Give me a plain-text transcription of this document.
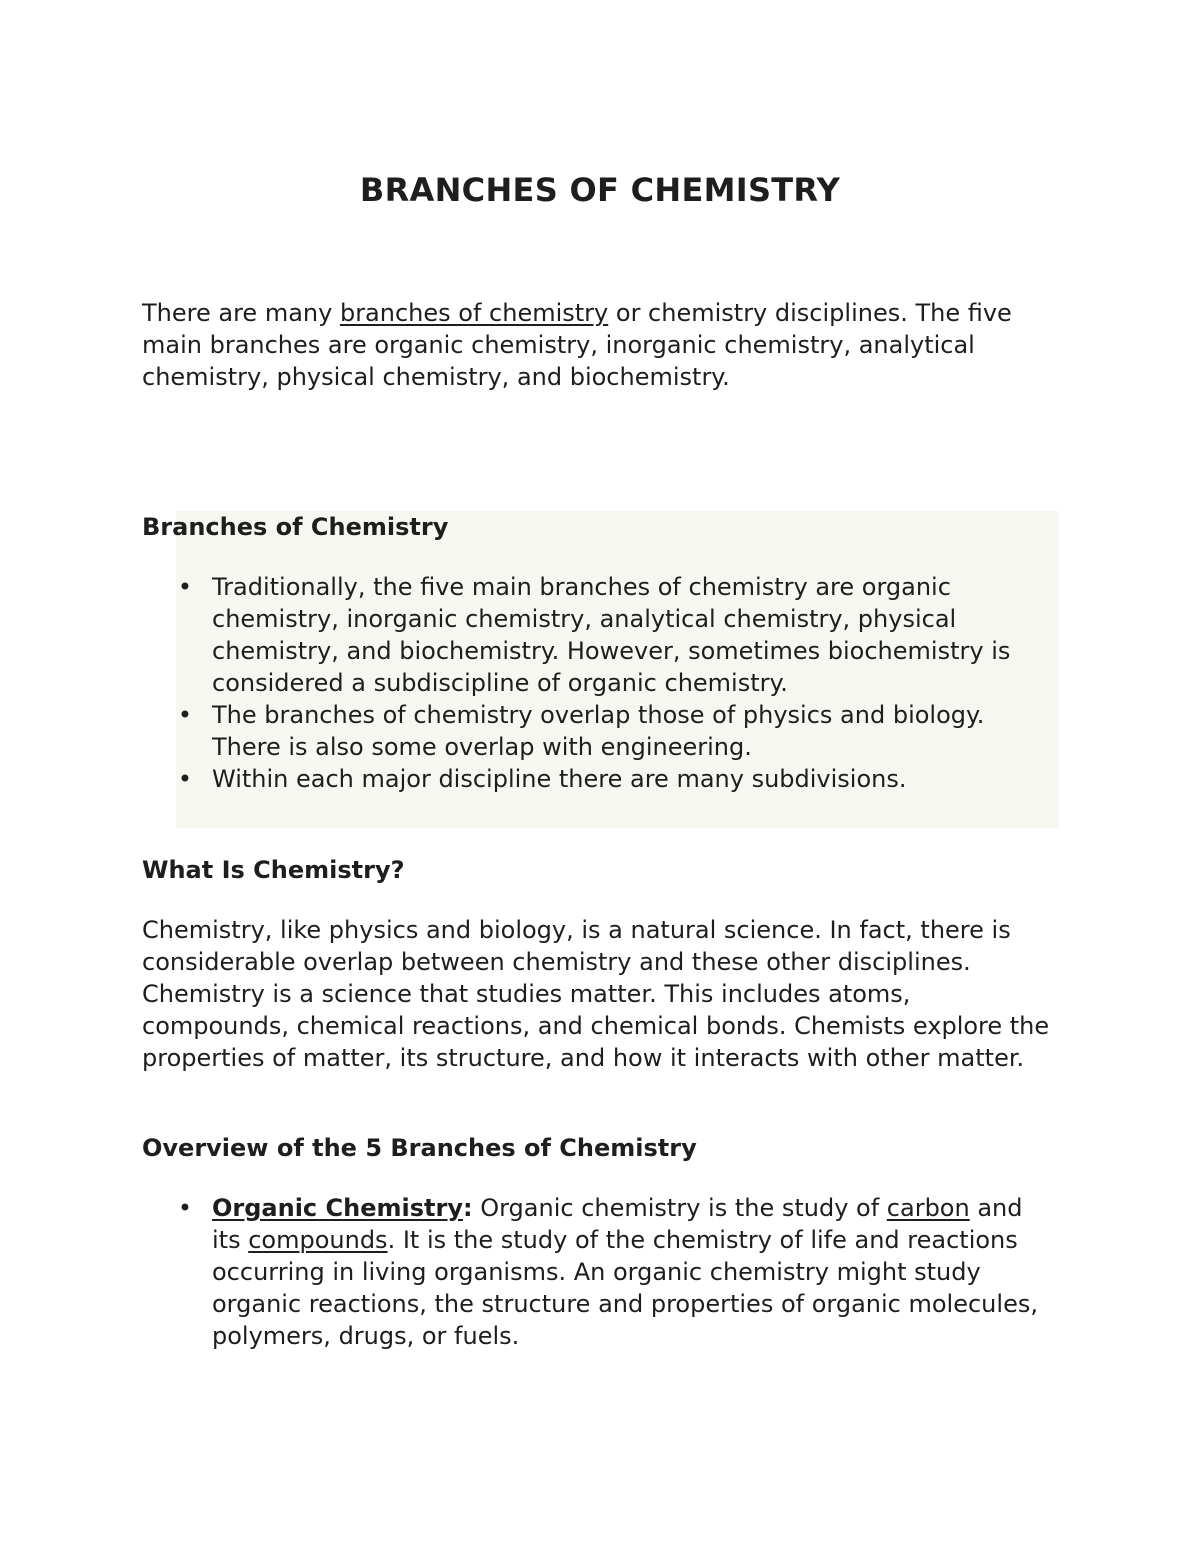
BRANCHES OF CHEMISTRY

There are many branches of chemistry or chemistry disciplines. The five main branches are organic chemistry, inorganic chemistry, analytical chemistry, physical chemistry, and biochemistry.

Branches of Chemistry
• Traditionally, the five main branches of chemistry are organic chemistry, inorganic chemistry, analytical chemistry, physical chemistry, and biochemistry. However, sometimes biochemistry is considered a subdiscipline of organic chemistry.
• The branches of chemistry overlap those of physics and biology. There is also some overlap with engineering.
• Within each major discipline there are many subdivisions.
What Is Chemistry?

Chemistry, like physics and biology, is a natural science. In fact, there is considerable overlap between chemistry and these other disciplines. Chemistry is a science that studies matter. This includes atoms, compounds, chemical reactions, and chemical bonds. Chemists explore the properties of matter, its structure, and how it interacts with other matter.

Overview of the 5 Branches of Chemistry
• Organic Chemistry: Organic chemistry is the study of carbon and its compounds. It is the study of the chemistry of life and reactions occurring in living organisms. An organic chemistry might study organic reactions, the structure and properties of organic molecules, polymers, drugs, or fuels.
